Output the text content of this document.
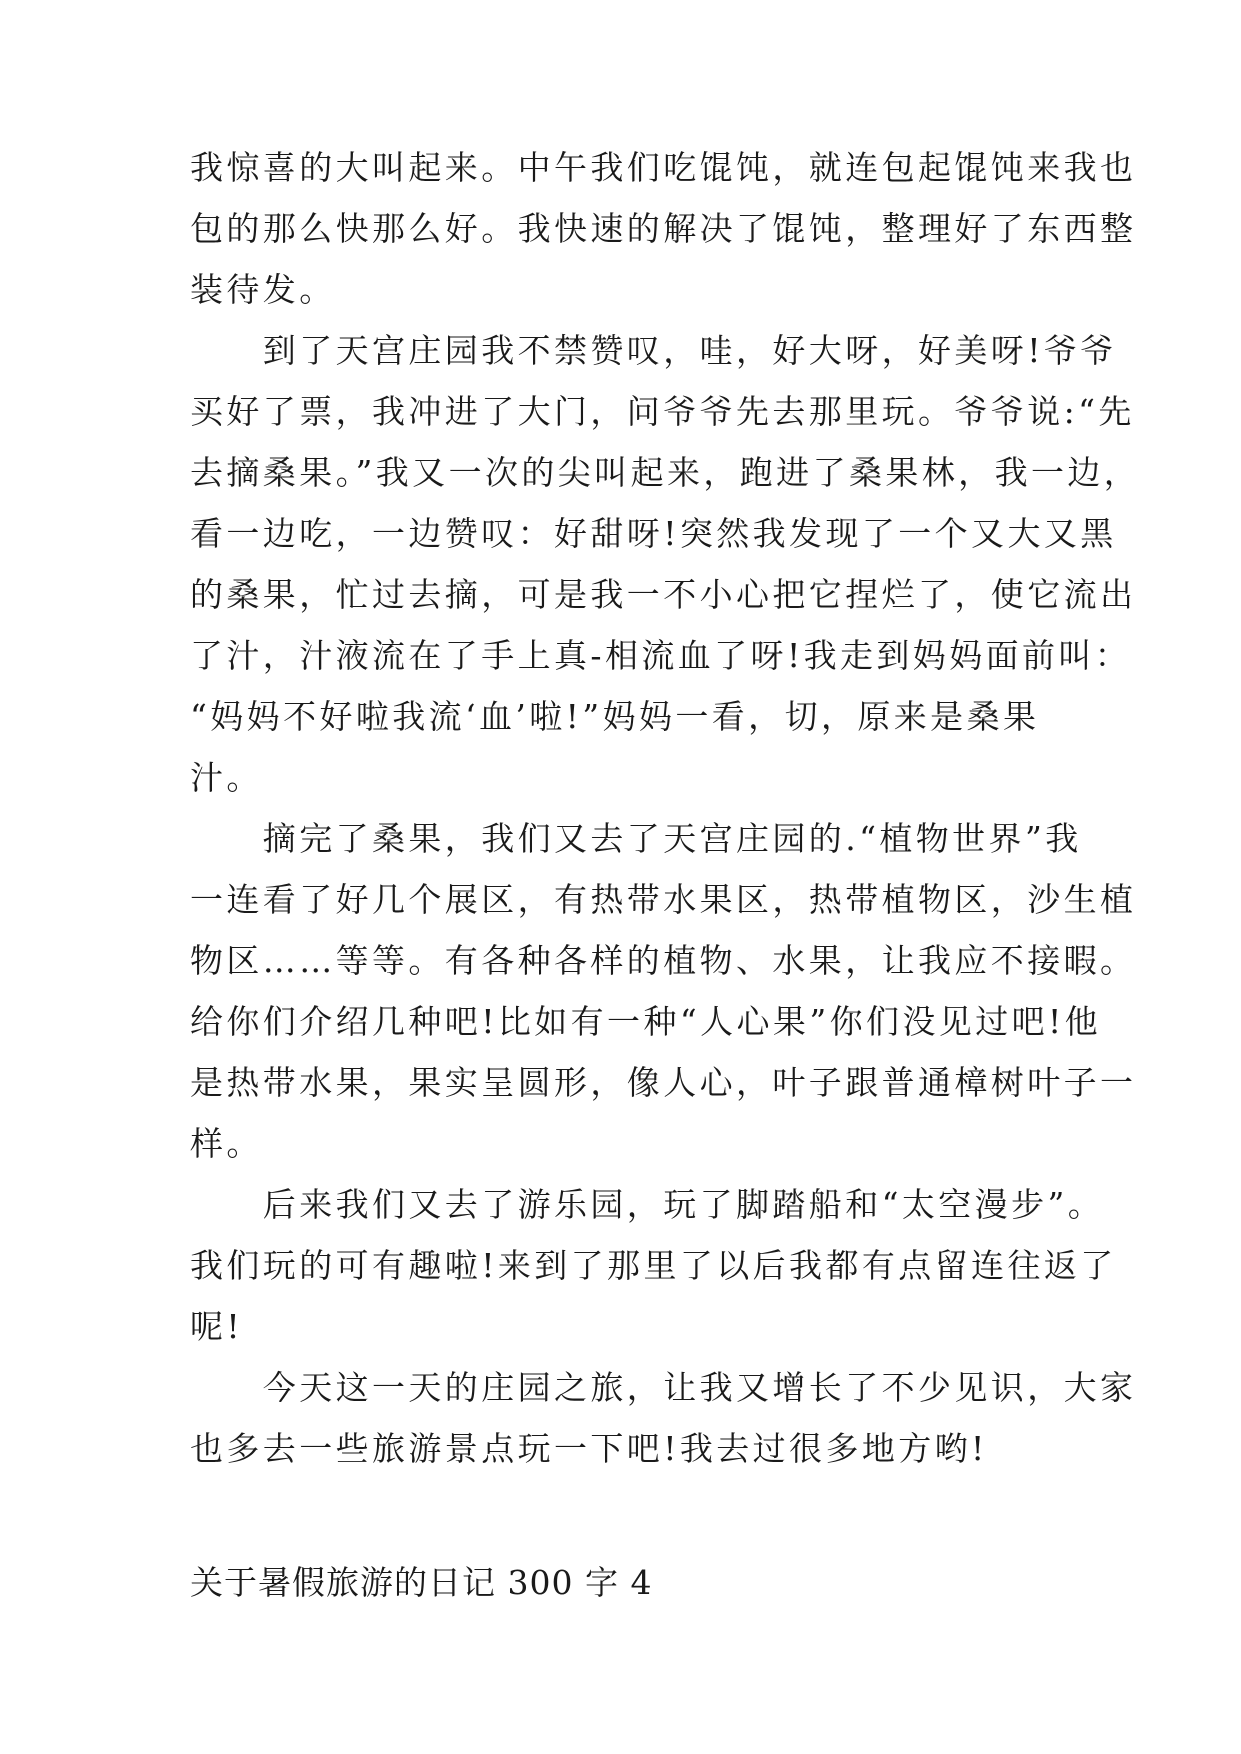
我惊喜的大叫起来。中午我们吃馄饨，就连包起馄饨来我也
包的那么快那么好。我快速的解决了馄饨，整理好了东西整
装待发。
　　到了天宫庄园我不禁赞叹，哇，好大呀，好美呀!爷爷
买好了票，我冲进了大门，问爷爷先去那里玩。爷爷说:“先
去摘桑果。”我又一次的尖叫起来，跑进了桑果林，我一边，
看一边吃，一边赞叹：好甜呀!突然我发现了一个又大又黑
的桑果，忙过去摘，可是我一不小心把它捏烂了，使它流出
了汁，汁液流在了手上真-相流血了呀!我走到妈妈面前叫：
“妈妈不好啦我流‘血’啦!”妈妈一看，切，原来是桑果
汁。
　　摘完了桑果，我们又去了天宫庄园的.“植物世界”我
一连看了好几个展区，有热带水果区，热带植物区，沙生植
物区……等等。有各种各样的植物、水果，让我应不接暇。
给你们介绍几种吧!比如有一种“人心果”你们没见过吧!他
是热带水果，果实呈圆形，像人心，叶子跟普通樟树叶子一
样。
　　后来我们又去了游乐园，玩了脚踏船和“太空漫步”。
我们玩的可有趣啦!来到了那里了以后我都有点留连往返了
呢!
　　今天这一天的庄园之旅，让我又增长了不少见识，大家
也多去一些旅游景点玩一下吧!我去过很多地方哟!
关于暑假旅游的日记 300 字 4
